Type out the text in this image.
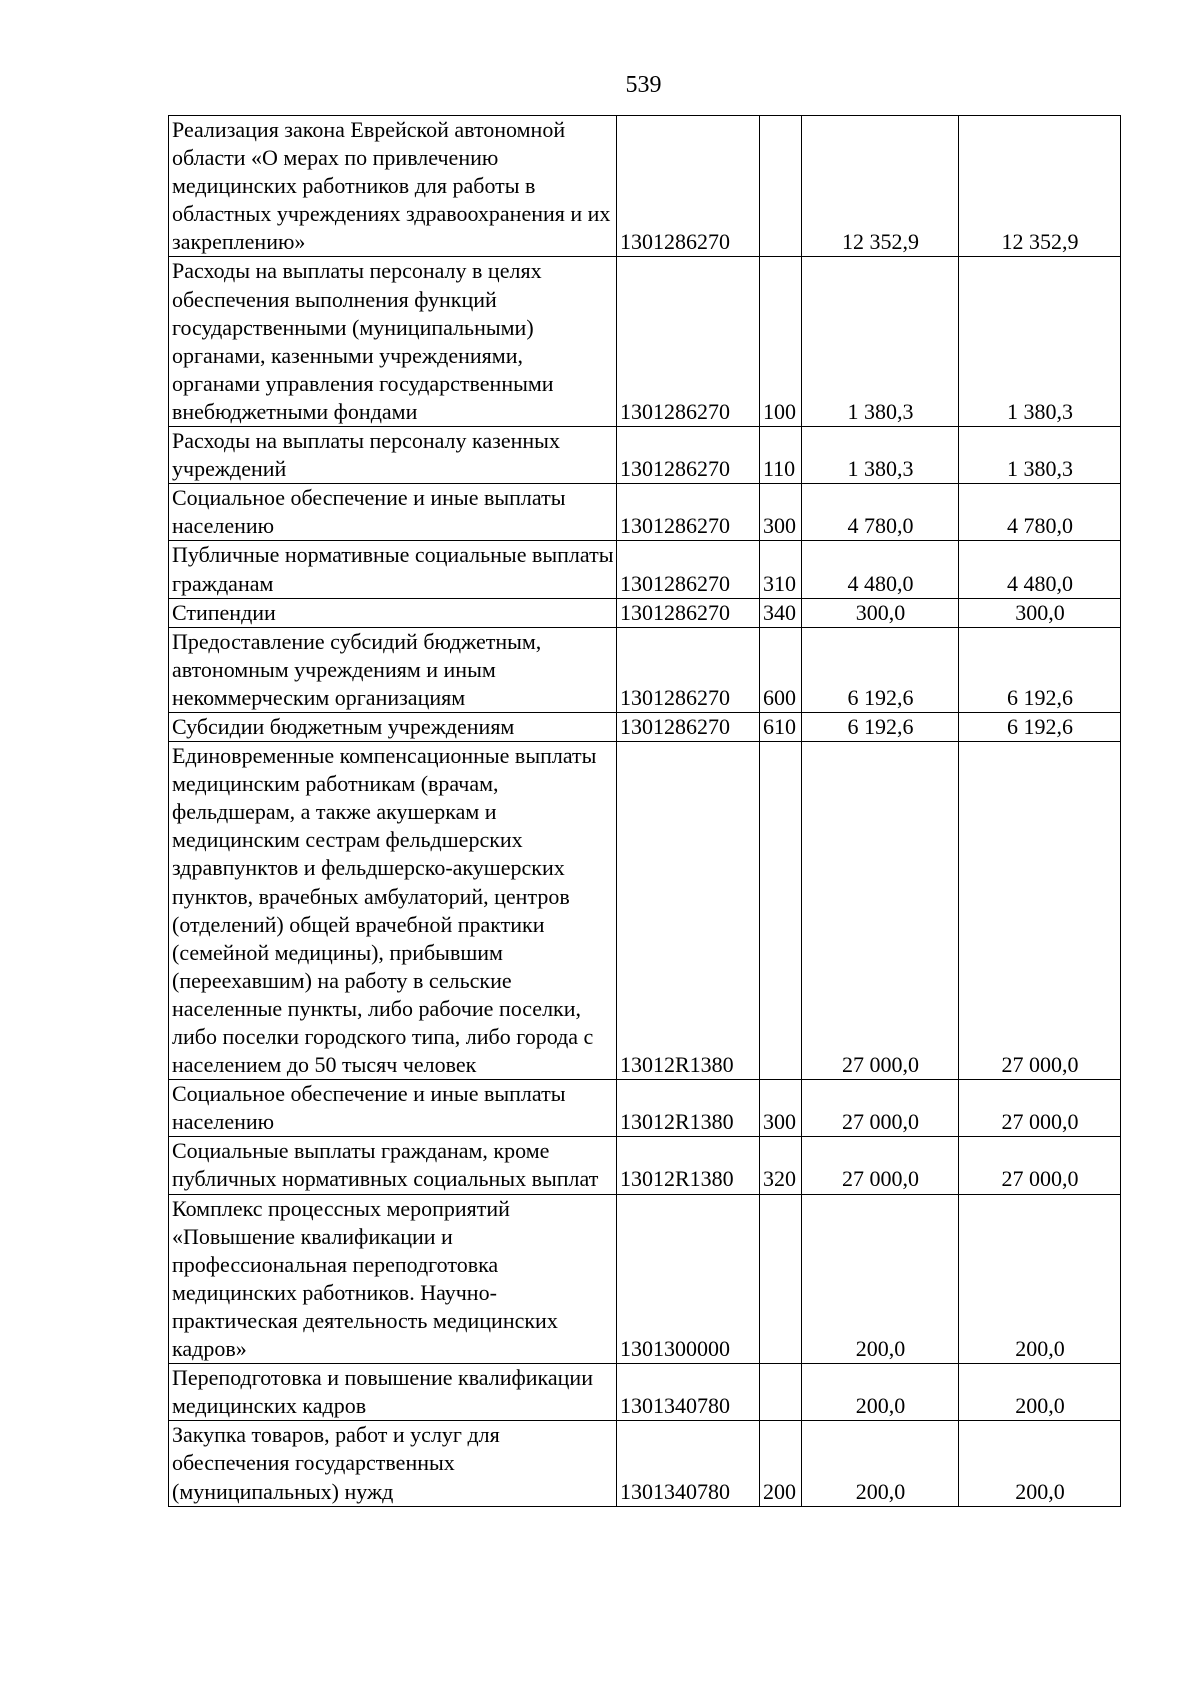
539
Реализация закона Еврейской автономной области «О мерах по привлечению медицинских работников для работы в областных учреждениях здравоохранения и их закреплению»	1301286270		12 352,9	12 352,9
Расходы на выплаты персоналу в целях обеспечения выполнения функций государственными (муниципальными) органами, казенными учреждениями, органами управления государственными внебюджетными фондами	1301286270	100	1 380,3	1 380,3
Расходы на выплаты персоналу казенных учреждений	1301286270	110	1 380,3	1 380,3
Социальное обеспечение и иные выплаты населению	1301286270	300	4 780,0	4 780,0
Публичные нормативные социальные выплаты гражданам	1301286270	310	4 480,0	4 480,0
Стипендии	1301286270	340	300,0	300,0
Предоставление субсидий бюджетным, автономным учреждениям и иным некоммерческим организациям	1301286270	600	6 192,6	6 192,6
Субсидии бюджетным учреждениям	1301286270	610	6 192,6	6 192,6
Единовременные компенсационные выплаты медицинским работникам (врачам, фельдшерам, а также акушеркам и медицинским сестрам фельдшерских здравпунктов и фельдшерско-акушерских пунктов, врачебных амбулаторий, центров (отделений) общей врачебной практики (семейной медицины), прибывшим (переехавшим) на работу в сельские населенные пункты, либо рабочие поселки, либо поселки городского типа, либо города с населением до 50 тысяч человек	13012R1380		27 000,0	27 000,0
Социальное обеспечение и иные выплаты населению	13012R1380	300	27 000,0	27 000,0
Социальные выплаты гражданам, кроме публичных нормативных социальных выплат	13012R1380	320	27 000,0	27 000,0
Комплекс процессных мероприятий «Повышение квалификации и профессиональная переподготовка медицинских работников. Научно-практическая деятельность медицинских кадров»	1301300000		200,0	200,0
Переподготовка и повышение квалификации медицинских кадров	1301340780		200,0	200,0
Закупка товаров, работ и услуг для обеспечения государственных (муниципальных) нужд	1301340780	200	200,0	200,0
